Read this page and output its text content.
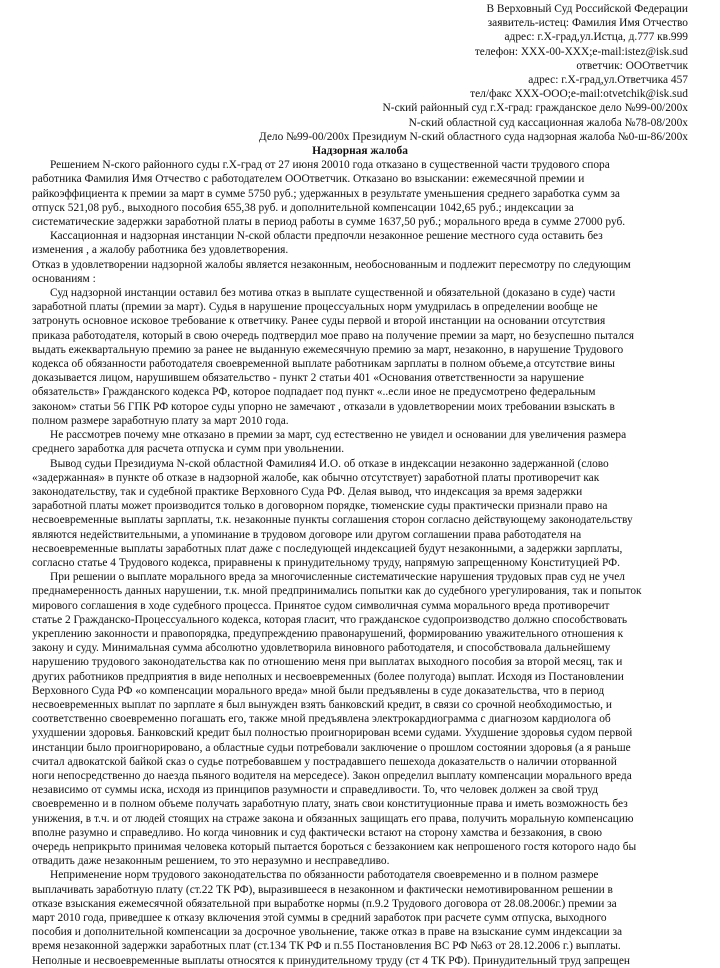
В Верховный Суд Российской Федерации
заявитель-истец: Фамилия Имя Отчество
адрес: г.Х-град,ул.Истца, д.777 кв.999
телефон: XXX-00-XXX;e-mail:istez@isk.sud
ответчик: ОООтветчик
адрес: г.Х-град,ул.Ответчика 457
тел/факс XXX-OOO;e-mail:otvetchik@isk.sud
N-ский районный суд г.Х-град: гражданское дело №99-00/200x
N-ский областной суд кассационная жалоба №78-08/200x
Дело №99-00/200x Президиум N-ский областного суда надзорная жалоба №0-ш-86/200x
Надзорная жалоба
Решением N-ского районного суды г.Х-град от 27 июня 20010 года отказано в существенной части трудового спора
работника Фамилия Имя Отчество с работодателем ОООтветчик. Отказано во взыскании: ежемесячной премии и
райкоэффициента к премии за март в сумме 5750 руб.; удержанных в результате уменьшения среднего заработка сумм за
отпуск 521,08 руб., выходного пособия 655,38 руб. и дополнительной компенсации 1042,65 руб.; индексации за
систематические задержки заработной платы в период работы в сумме 1637,50 руб.; морального вреда в сумме 27000 руб.
Кассационная и надзорная инстанции N-ской области предпочли незаконное решение местного суда оставить без
изменения , а жалобу работника без удовлетворения.
Отказ в удовлетворении надзорной жалобы является незаконным, необоснованным и подлежит пересмотру по следующим
основаниям :
Суд надзорной инстанции оставил без мотива отказ в выплате существенной и обязательной (доказано в суде) части
заработной платы (премии за март). Судья в нарушение процессуальных норм умудрилась в определении вообще не
затронуть основное исковое требование к ответчику. Ранее суды первой и второй инстанции на основании отсутствия
приказа работодателя, который в свою очередь подтвердил мое право на получение премии за март, но безуспешно пытался
выдать ежеквартальную премию за ранее не выданную ежемесячную премию за март, незаконно, в нарушение Трудового
кодекса об обязанности работодателя своевременной выплате работникам зарплаты в полном объеме,а отсутствие вины
доказывается лицом, нарушившем обязательство - пункт 2 статьи 401 «Основания ответственности за нарушение
обязательств» Гражданского кодекса РФ, которое подпадает под пункт «..если иное не предусмотрено федеральным
законом» статьи 56 ГПК РФ которое суды упорно не замечают , отказали в удовлетворении моих требовании взыскать в
полном размере заработную плату за март 2010 года.
Не рассмотрев почему мне отказано в премии за март, суд естественно не увидел и основании для увеличения размера
среднего заработка для расчета отпуска и сумм при увольнении.
Вывод судьи Президиума N-ской областной Фамилия4 И.О. об отказе в индексации незаконно задержанной (слово
«задержанная» в пункте об отказе в надзорной жалобе, как обычно отсутствует) заработной платы противоречит как
законодательству, так и судебной практике Верховного Суда РФ. Делая вывод, что индексация за время задержки
заработной платы может производится только в договорном порядке, тюменские суды практически признали право на
несвоевременные выплаты зарплаты, т.к. незаконные пункты соглашения сторон согласно действующему законодательству
являются недействительными, а упоминание в трудовом договоре или другом соглашении права работодателя на
несвоевременные выплаты заработных плат даже с последующей индексацией будут незаконными, а задержки зарплаты,
согласно статье 4 Трудового кодекса, приравнены к принудительному труду, напрямую запрещенному Конституцией РФ.
При решении о выплате морального вреда за многочисленные систематические нарушения трудовых прав суд не учел
преднамеренность данных нарушении, т.к. мной предпринимались попытки как до судебного урегулирования, так и попыток
мирового соглашения в ходе судебного процесса. Принятое судом символичная сумма морального вреда противоречит
статье 2 Гражданско-Процессуального кодекса, которая гласит, что гражданское судопроизводство должно способствовать
укреплению законности и правопорядка, предупреждению правонарушений, формированию уважительного отношения к
закону и суду. Минимальная сумма абсолютно удовлетворила виновного работодателя, и способствовала дальнейшему
нарушению трудового законодательства как по отношению меня при выплатах выходного пособия за второй месяц, так и
других работников предприятия в виде неполных и несвоевременных (более полугода) выплат. Исходя из Постановлении
Верховного Суда РФ «о компенсации морального вреда» мной были предъявлены в суде доказательства, что в период
несвоевременных выплат по зарплате я был вынужден взять банковский кредит, в связи со срочной необходимостью, и
соответственно своевременно погашать его, также мной предъявлена электрокардиограмма с диагнозом кардиолога об
ухудшении здоровья. Банковский кредит был полностью проигнорирован всеми судами. Ухудшение здоровья судом первой
инстанции было проигнорировано, а областные судьи потребовали заключение о прошлом состоянии здоровья (а я раньше
считал адвокатской байкой сказ о судье потребовавшем у пострадавшего пешехода доказательств о наличии оторванной
ноги непосредственно до наезда пьяного водителя на мерседесе). Закон определил выплату компенсации морального вреда
независимо от суммы иска, исходя из принципов разумности и справедливости. То, что человек должен за свой труд
своевременно и в полном объеме получать заработную плату, знать свои конституционные права и иметь возможность без
унижения, в т.ч. и от людей стоящих на страже закона и обязанных защищать его права, получить моральную компенсацию
вполне разумно и справедливо. Но когда чиновник и суд фактически встают на сторону хамства и беззакония, в свою
очередь неприкрыто принимая человека который пытается бороться с беззаконием как непрошеного гостя которого надо бы
отвадить даже незаконным решением, то это неразумно и несправедливо.
Неприменение норм трудового законодательства по обязанности работодателя своевременно и в полном размере
выплачивать заработную плату (ст.22 ТК РФ), выразившееся в незаконном и фактически немотивированном решении в
отказе взыскания ежемесячной обязательной при выработке нормы (п.9.2 Трудового договора от 28.08.2006г.) премии за
март 2010 года, приведшее к отказу включения этой суммы в средний заработок при расчете сумм отпуска, выходного
пособия и дополнительной компенсации за досрочное увольнение, также отказ в праве на взыскание сумм индексации за
время незаконной задержки заработных плат (ст.134 ТК РФ и п.55 Постановления ВС РФ №63 от 28.12.2006 г.) выплаты.
Неполные и несвоевременные выплаты относятся к принудительному труду (ст 4 ТК РФ). Принудительный труд запрещен
